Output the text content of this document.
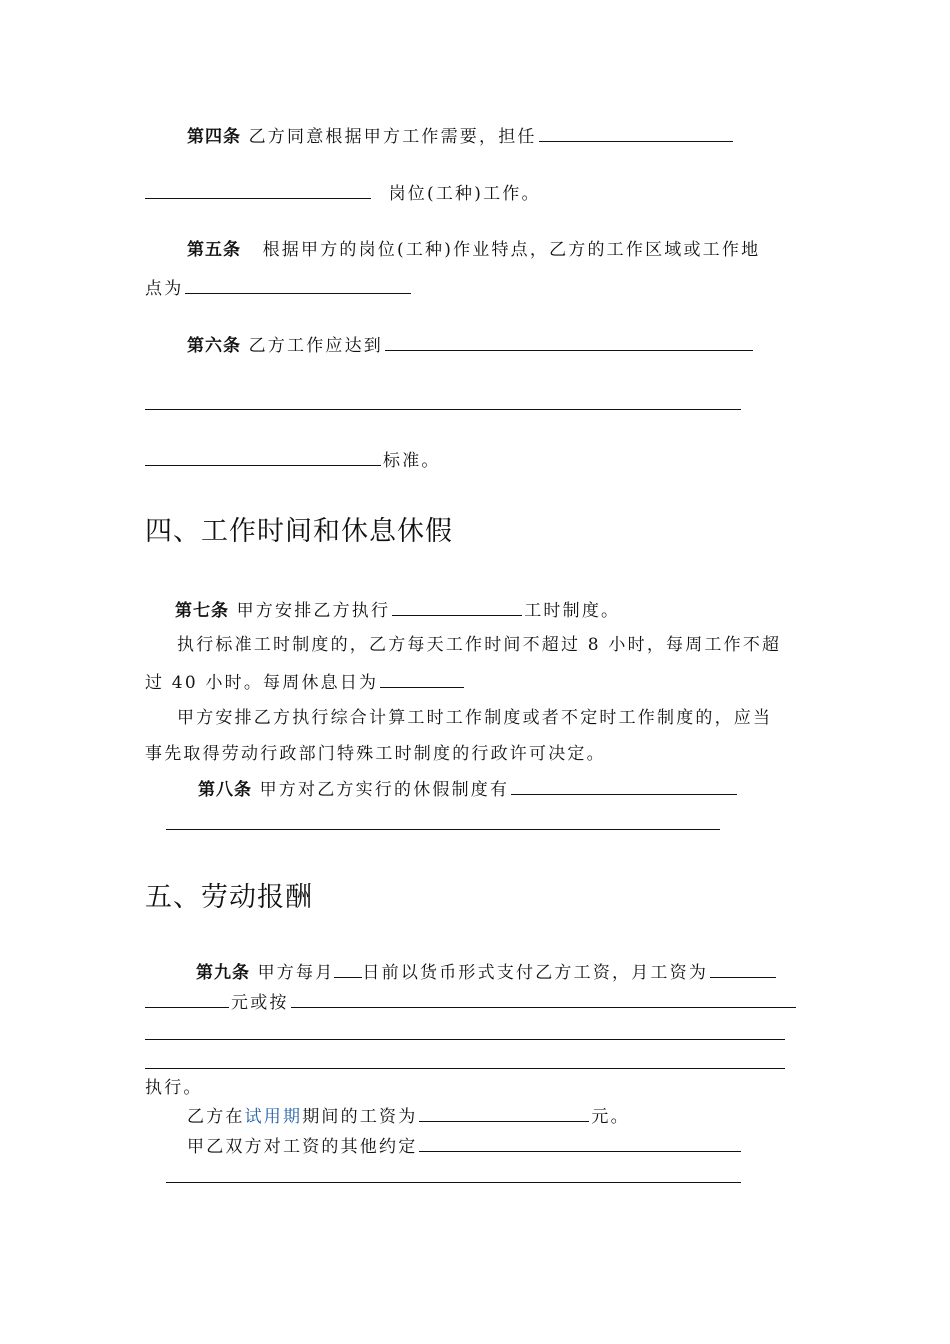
第四条 乙方同意根据甲方工作需要，担任
岗位(工种)工作。
第五条 根据甲方的岗位(工种)作业特点，乙方的工作区域或工作地
点为
第六条 乙方工作应达到
标准。
四、工作时间和休息休假
第七条 甲方安排乙方执行	工时制度。
执行标准工时制度的，乙方每天工作时间不超过 8 小时，每周工作不超
过 40 小时。每周休息日为
甲方安排乙方执行综合计算工时工作制度或者不定时工作制度的，应当
事先取得劳动行政部门特殊工时制度的行政许可决定。
第八条 甲方对乙方实行的休假制度有
五、劳动报酬
第九条 甲方每月 日前以货币形式支付乙方工资，月工资为
元或按
执行。
乙方在试用期期间的工资为	元。
甲乙双方对工资的其他约定
